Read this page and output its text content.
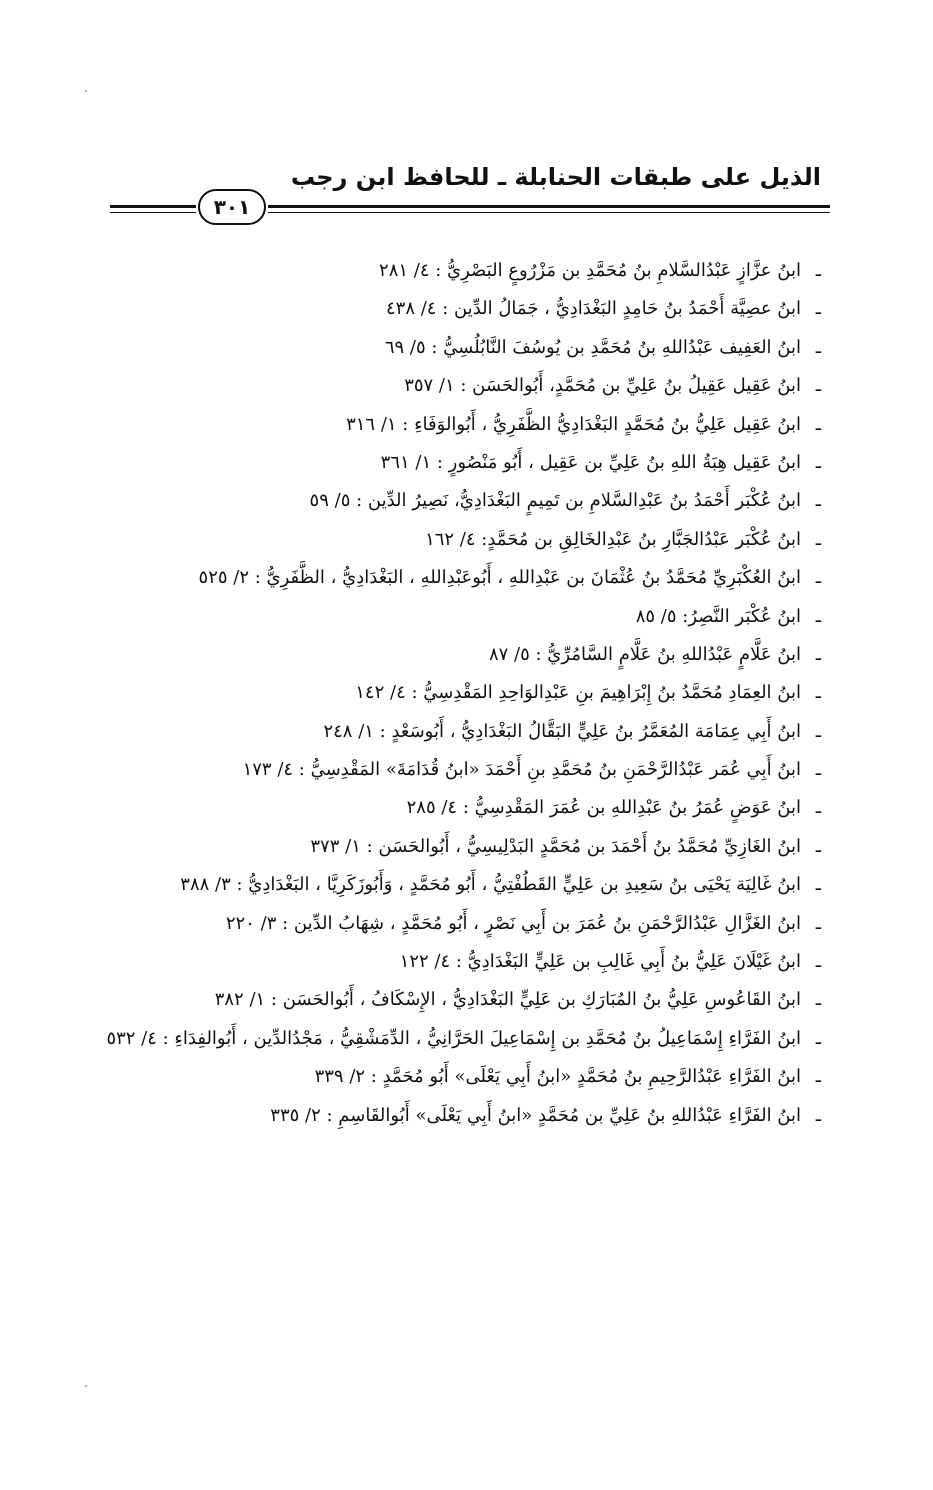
الذيل على طبقات الحنابلة ـ للحافظ ابن رجب
٣٠١
ـابنُ عزَّازٍ عَبْدُالسَّلامِ بنُ مُحَمَّدِ بن مَزْرُوعٍ البَصْرِيُّ : ٤/ ٢٨١
ـابنُ عصِيَّة أَحْمَدُ بنُ حَامِدٍ البَغْدَادِيُّ ، جَمَالُ الدِّين : ٤/ ٤٣٨
ـابنُ العَفِيف عَبْدُاللهِ بنُ مُحَمَّدِ بن يُوسُفَ النَّابُلُسِيُّ : ٥/ ٦٩
ـابنُ عَقِيل عَقِيلُ بنُ عَلِيِّ بن مُحَمَّدٍ، أَبُوالحَسَن : ١/ ٣٥٧
ـابنُ عَقِيل عَلِيُّ بنُ مُحَمَّدٍ البَغْدَادِيُّ الظَّفَرِيُّ ، أَبُوالوَفَاءِ : ١/ ٣١٦
ـابنُ عَقِيل هِبَةُ اللهِ بنُ عَلِيِّ بن عَقِيل ، أَبُو مَنْصُورٍ : ١/ ٣٦١
ـابنُ عُكْبَر أَحْمَدُ بنُ عَبْدِالسَّلامِ بن تَمِيمٍ البَغْدَادِيُّ، نَصِيرُ الدِّين : ٥/ ٥٩
ـابنُ عُكْبَر عَبْدُالجَبَّارِ بنُ عَبْدِالخَالِقِ بن مُحَمَّدٍ: ٤/ ١٦٢
ـابنُ العُكْبَرِيِّ مُحَمَّدُ بنُ عُثْمَانَ بن عَبْدِاللهِ ، أَبُوعَبْدِاللهِ ، البَغْدَادِيُّ ، الظَّفَرِيُّ : ٢/ ٥٢٥
ـابنُ عُكْبَر النَّصِرُ: ٥/ ٨٥
ـابنُ عَلَّامٍ عَبْدُاللهِ بنُ عَلَّامٍ السَّامُرِّيُّ : ٥/ ٨٧
ـابنُ العِمَادِ مُحَمَّدُ بنُ إِبْرَاهِيمَ بنِ عَبْدِالوَاحِدِ المَقْدِسِيُّ : ٤/ ١٤٢
ـابنُ أَبِي عِمَامَة المُعَمَّرُ بنُ عَلِيٍّ البَقَّالُ البَغْدَادِيُّ ، أَبُوسَعْدٍ : ١/ ٢٤٨
ـابنُ أَبِي عُمَر عَبْدُالرَّحْمَنِ بنُ مُحَمَّدِ بنِ أَحْمَدَ «ابنُ قُدَامَةَ» المَقْدِسِيُّ : ٤/ ١٧٣
ـابنُ عَوَضٍ عُمَرُ بنُ عَبْدِاللهِ بن عُمَرَ المَقْدِسِيُّ : ٤/ ٢٨٥
ـابنُ الغَازِيِّ مُحَمَّدُ بنُ أَحْمَدَ بن مُحَمَّدٍ البَدْلِيسِيُّ ، أَبُوالحَسَن : ١/ ٣٧٣
ـابنُ غَالِيَة يَحْيَى بنُ سَعِيدِ بن عَلِيٍّ القَطُفْتِيُّ ، أَبُو مُحَمَّدٍ ، وَأَبُوزَكَرِيَّا ، البَغْدَادِيُّ : ٣/ ٣٨٨
ـابنُ الغَزَّالِ عَبْدُالرَّحْمَنِ بنُ عُمَرَ بن أَبِي نَصْرٍ ، أَبُو مُحَمَّدٍ ، شِهَابُ الدِّين : ٣/ ٢٢٠
ـابنُ غَيْلَانَ عَلِيُّ بنُ أَبِي غَالِبِ بن عَلِيٍّ البَغْدَادِيُّ : ٤/ ١٢٢
ـابنُ القَاعُوسِ عَلِيُّ بنُ المُبَارَكِ بن عَلِيٍّ البَغْدَادِيُّ ، الإِسْكَافُ ، أَبُوالحَسَن : ١/ ٣٨٢
ـابنُ الفَرَّاءِ إِسْمَاعِيلُ بنُ مُحَمَّدِ بن إِسْمَاعِيلَ الحَرَّانِيُّ ، الدِّمَشْقِيُّ ، مَجْدُالدِّين ، أَبُوالفِدَاءِ : ٤/ ٥٣٢
ـابنُ الفَرَّاءِ عَبْدُالرَّحِيمِ بنُ مُحَمَّدٍ «ابنُ أَبِي يَعْلَى» أَبُو مُحَمَّدٍ : ٢/ ٣٣٩
ـابنُ الفَرَّاءِ عَبْدُاللهِ بنُ عَلِيِّ بن مُحَمَّدٍ «ابنُ أَبِي يَعْلَى» أَبُوالقَاسِمِ : ٢/ ٣٣٥
